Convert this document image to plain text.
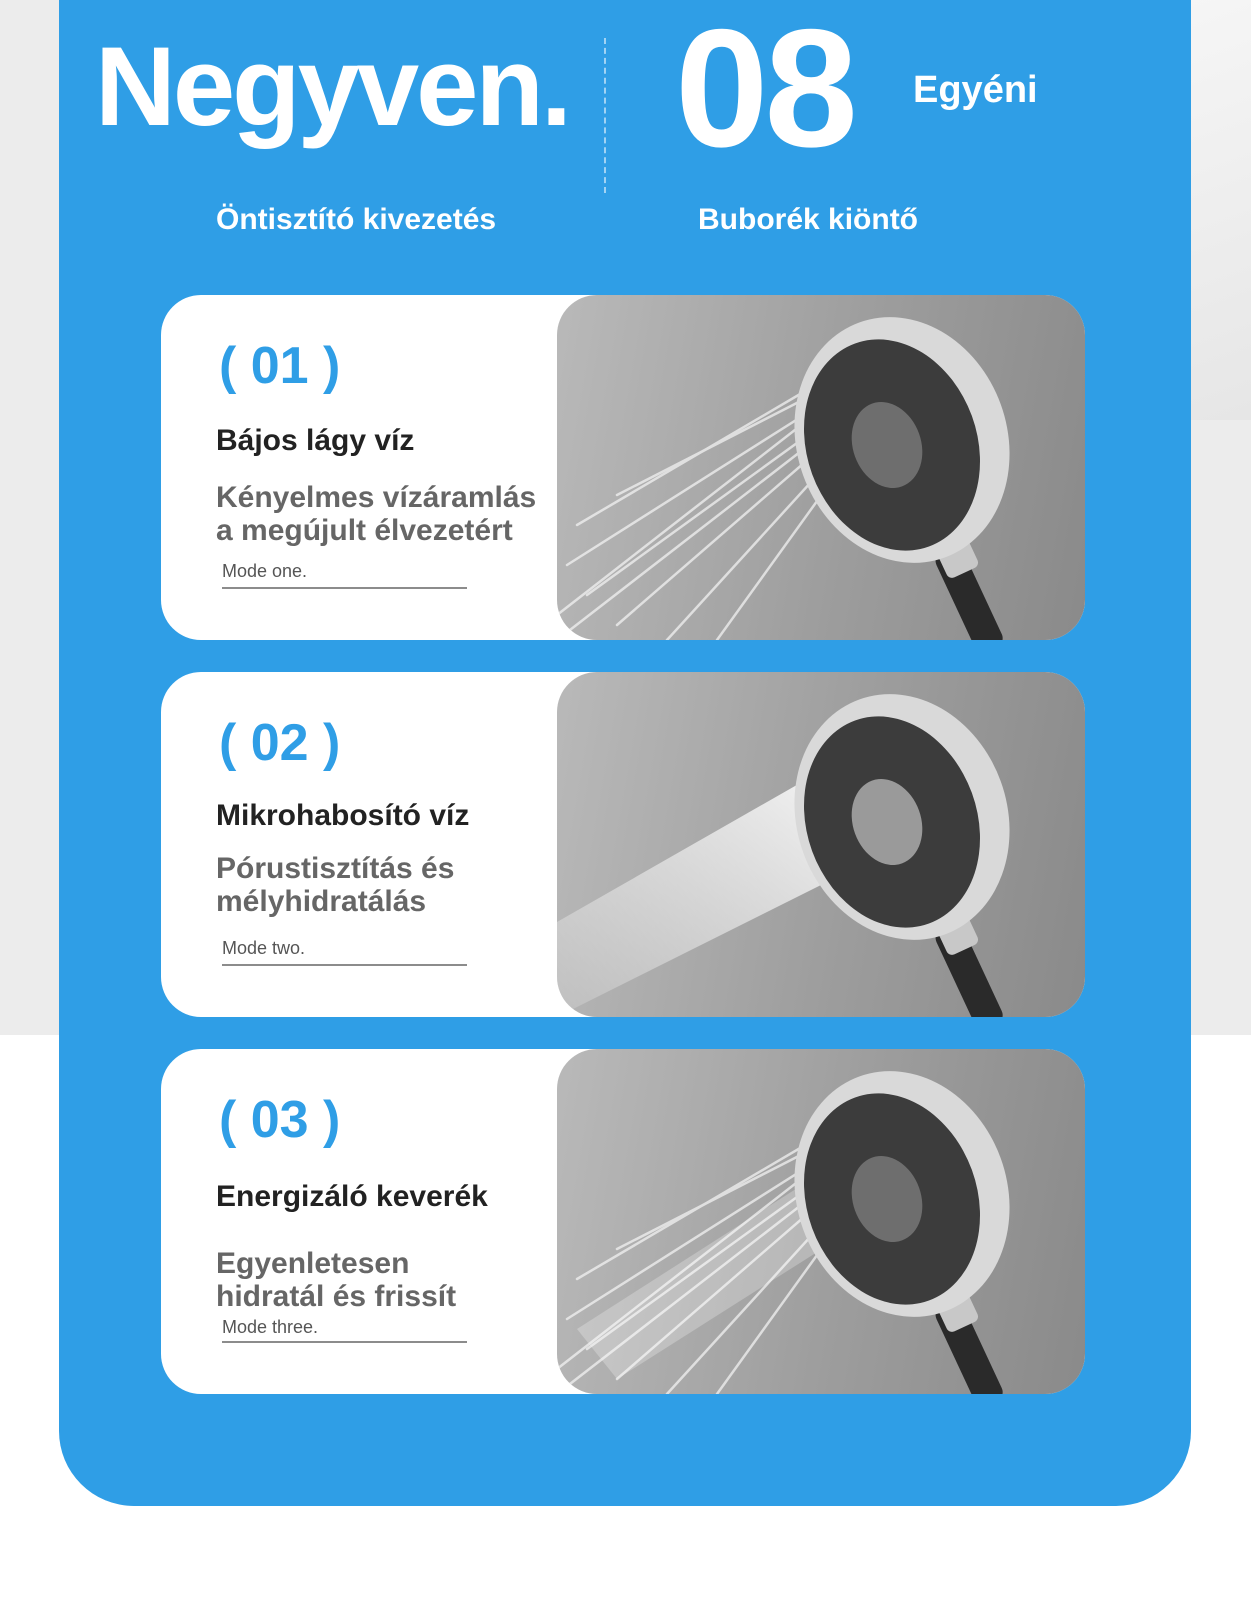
Negyven. 08 Egyéni
Öntisztító kivezetés	Buborék kiöntő
( 01 )
Bájos lágy víz
Kényelmes vízáramlás
a megújult élvezetért
Mode one.
( 02 )
Mikrohabosító víz
Pórustisztítás és
mélyhidratálás
Mode two.
( 03 )
Energizáló keverék
Egyenletesen
hidratál és frissít
Mode three.
